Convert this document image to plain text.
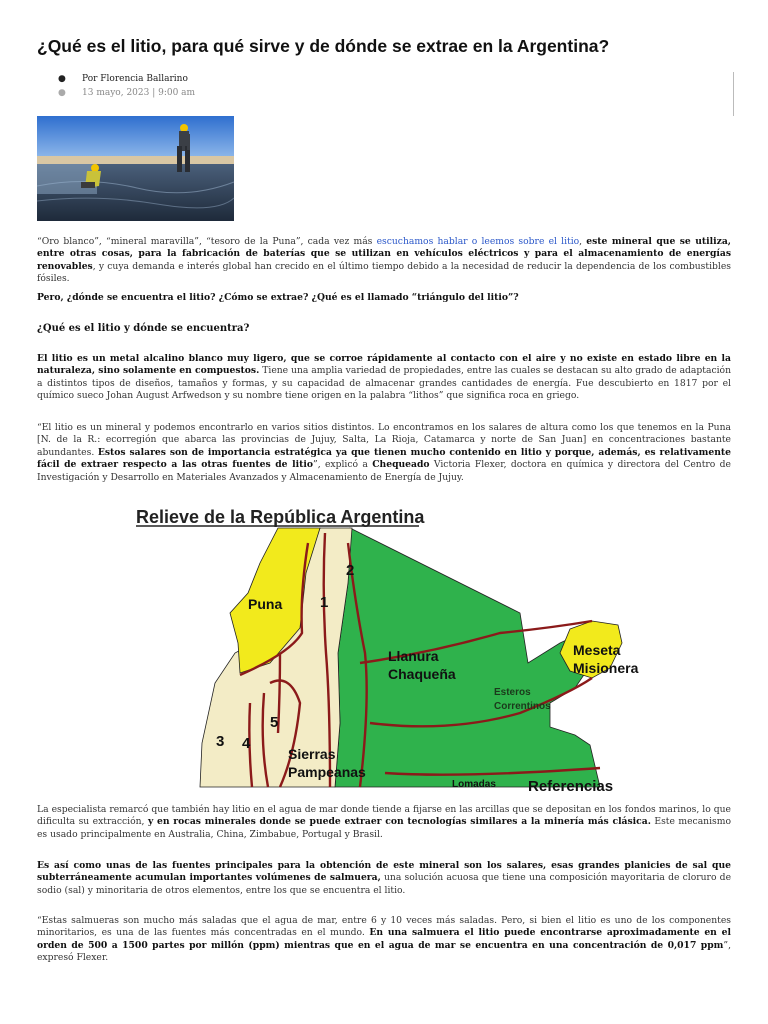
¿Qué es el litio, para qué sirve y de dónde se extrae en la Argentina?
● Por Florencia Ballarino
● 13 mayo, 2023 | 9:00 am

“Oro blanco”, “mineral maravilla”, “tesoro de la Puna”, cada vez más escuchamos hablar o leemos sobre el litio, este mineral que se utiliza, entre otras cosas, para la fabricación de baterías que se utilizan en vehículos eléctricos y para el almacenamiento de energías renovables, y cuya demanda e interés global han crecido en el último tiempo debido a la necesidad de reducir la dependencia de los combustibles fósiles.

Pero, ¿dónde se encuentra el litio? ¿Cómo se extrae? ¿Qué es el llamado “triángulo del litio”?

¿Qué es el litio y dónde se encuentra?

El litio es un metal alcalino blanco muy ligero, que se corroe rápidamente al contacto con el aire y no existe en estado libre en la naturaleza, sino solamente en compuestos. Tiene una amplia variedad de propiedades, entre las cuales se destacan su alto grado de adaptación a distintos tipos de diseños, tamaños y formas, y su capacidad de almacenar grandes cantidades de energía. Fue descubierto en 1817 por el químico sueco Johan August Arfwedson y su nombre tiene origen en la palabra “lithos” que significa roca en griego.

“El litio es un mineral y podemos encontrarlo en varios sitios distintos. Lo encontramos en los salares de altura como los que tenemos en la Puna [N. de la R.: ecorregión que abarca las provincias de Jujuy, Salta, La Rioja, Catamarca y norte de San Juan] en concentraciones bastante abundantes. Estos salares son de importancia estratégica ya que tienen mucho contenido en litio y porque, además, es relativamente fácil de extraer respecto a las otras fuentes de litio”, explicó a Chequeado Victoria Flexer, doctora en química y directora del Centro de Investigación y Desarrollo en Materiales Avanzados y Almacenamiento de Energía de Jujuy.

Relieve de la República Argentina
Puna
Llanura
Chaqueña
Meseta
Misionera
Esteros
Correntinos
Sierras
Pampeanas
Lomadas Referencias
1
2
3 4
5

La especialista remarcó que también hay litio en el agua de mar donde tiende a fijarse en las arcillas que se depositan en los fondos marinos, lo que dificulta su extracción, y en rocas minerales donde se puede extraer con tecnologías similares a la minería más clásica. Este mecanismo es usado principalmente en Australia, China, Zimbabue, Portugal y Brasil.

Es así como unas de las fuentes principales para la obtención de este mineral son los salares, esas grandes planicies de sal que subterráneamente acumulan importantes volúmenes de salmuera, una solución acuosa que tiene una composición mayoritaria de cloruro de sodio (sal) y minoritaria de otros elementos, entre los que se encuentra el litio.

“Estas salmueras son mucho más saladas que el agua de mar, entre 6 y 10 veces más saladas. Pero, si bien el litio es uno de los componentes minoritarios, es una de las fuentes más concentradas en el mundo. En una salmuera el litio puede encontrarse aproximadamente en el orden de 500 a 1500 partes por millón (ppm) mientras que en el agua de mar se encuentra en una concentración de 0,017 ppm”, expresó Flexer.
